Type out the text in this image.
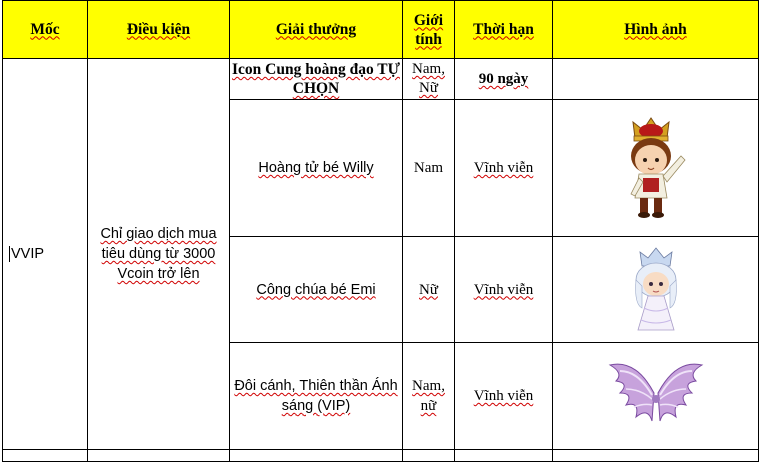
Mốc	Điều kiện	Giải thưởng	Giới tính	Thời hạn	Hình ảnh
VVIP	Chỉ giao dịch mua tiêu dùng từ 3000 Vcoin trở lên	Icon Cung hoàng đạo TỰ CHỌN	Nam, Nữ	90 ngày	
		Hoàng tử bé Willy	Nam	Vĩnh viễn	

		Công chúa bé Emi	Nữ	Vĩnh viễn	

		Đôi cánh, Thiên thần Ánh sáng (VIP)	Nam, nữ	Vĩnh viễn	
